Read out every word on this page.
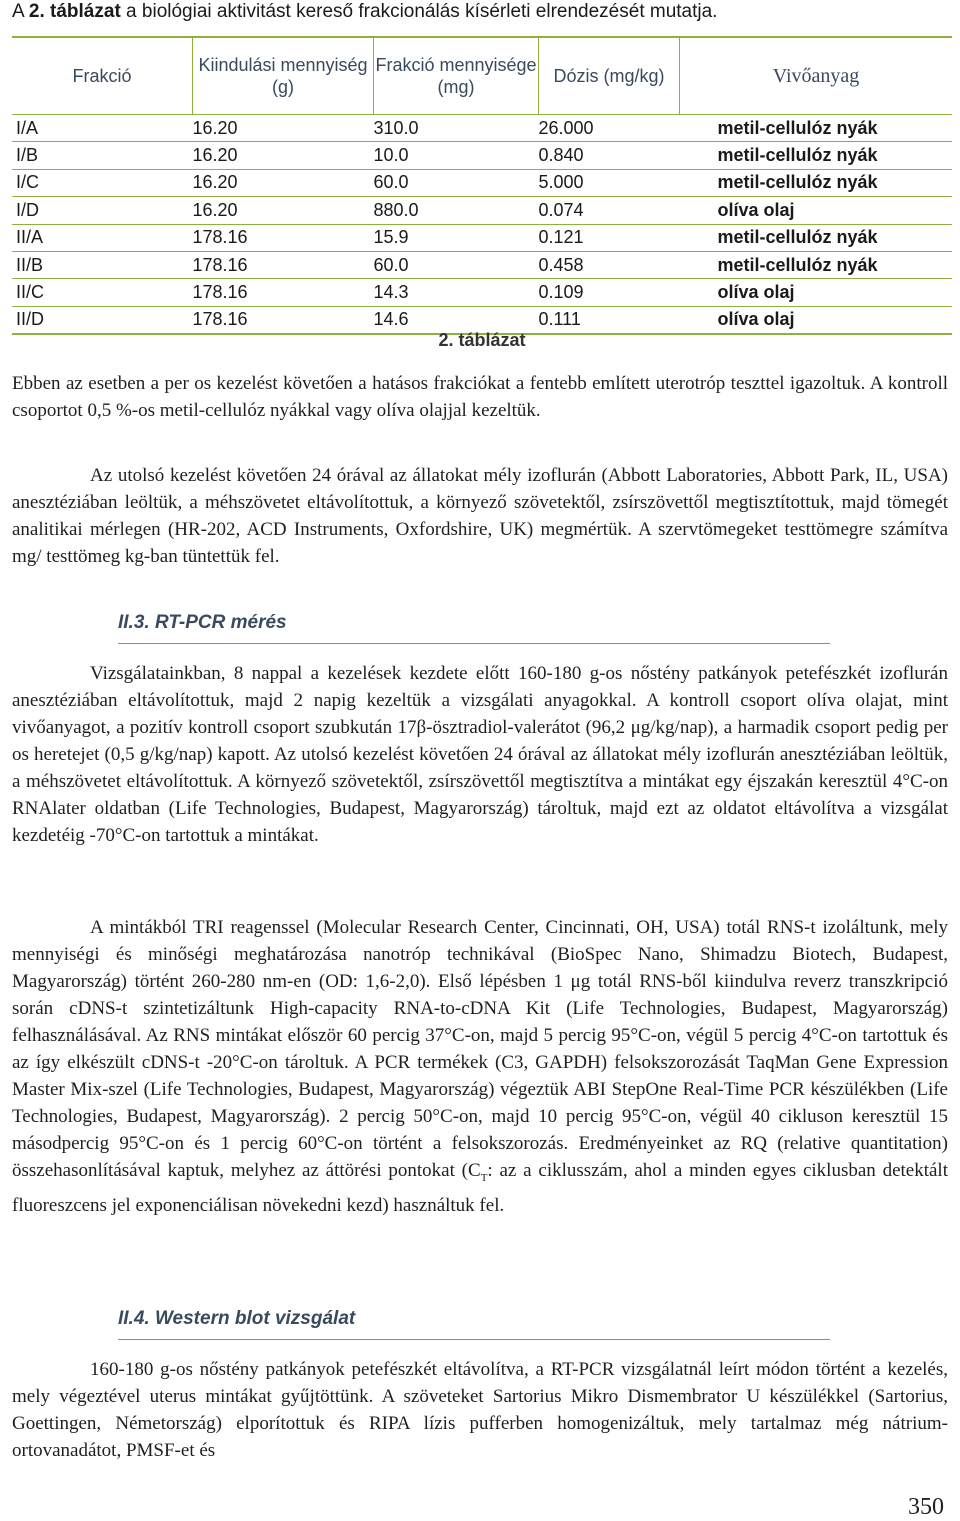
A 2. táblázat a biológiai aktivitást kereső frakcionálás kísérleti elrendezését mutatja.
Frakció	Kiindulási mennyiség (g)	Frakció mennyisége (mg)	Dózis (mg/kg)	Vivőanyag
I/A	16.20	310.0	26.000	metil-cellulóz nyák
I/B	16.20	10.0	0.840	metil-cellulóz nyák
I/C	16.20	60.0	5.000	metil-cellulóz nyák
I/D	16.20	880.0	0.074	olíva olaj
II/A	178.16	15.9	0.121	metil-cellulóz nyák
II/B	178.16	60.0	0.458	metil-cellulóz nyák
II/C	178.16	14.3	0.109	olíva olaj
II/D	178.16	14.6	0.111	olíva olaj
2. táblázat
Ebben az esetben a per os kezelést követően a hatásos frakciókat a fentebb említett uterotróp teszttel igazoltuk. A kontroll csoportot 0,5 %-os metil-cellulóz nyákkal vagy olíva olajjal kezeltük.
Az utolsó kezelést követően 24 órával az állatokat mély izoflurán (Abbott Laboratories, Abbott Park, IL, USA) anesztéziában leöltük, a méhszövetet eltávolítottuk, a környező szövetektől, zsírszövettől megtisztítottuk, majd tömegét analitikai mérlegen (HR-202, ACD Instruments, Oxfordshire, UK) megmértük. A szervtömegeket testtömegre számítva mg/ testtömeg kg-ban tüntettük fel.
II.3. RT-PCR mérés
Vizsgálatainkban, 8 nappal a kezelések kezdete előtt 160-180 g-os nőstény patkányok petefészkét izoflurán anesztéziában eltávolítottuk, majd 2 napig kezeltük a vizsgálati anyagokkal. A kontroll csoport olíva olajat, mint vivőanyagot, a pozitív kontroll csoport szubkután 17β-ösztradiol-valerátot (96,2 μg/kg/nap), a harmadik csoport pedig per os heretejet (0,5 g/kg/nap) kapott. Az utolsó kezelést követően 24 órával az állatokat mély izoflurán anesztéziában leöltük, a méhszövetet eltávolítottuk. A környező szövetektől, zsírszövettől megtisztítva a mintákat egy éjszakán keresztül 4°C-on RNAlater oldatban (Life Technologies, Budapest, Magyarország) tároltuk, majd ezt az oldatot eltávolítva a vizsgálat kezdetéig -70°C-on tartottuk a mintákat.
A mintákból TRI reagenssel (Molecular Research Center, Cincinnati, OH, USA) totál RNS-t izoláltunk, mely mennyiségi és minőségi meghatározása nanotróp technikával (BioSpec Nano, Shimadzu Biotech, Budapest, Magyarország) történt 260-280 nm-en (OD: 1,6-2,0). Első lépésben 1 μg totál RNS-ből kiindulva reverz transzkripció során cDNS-t szintetizáltunk High-capacity RNA-to-cDNA Kit (Life Technologies, Budapest, Magyarország) felhasználásával. Az RNS mintákat először 60 percig 37°C-on, majd 5 percig 95°C-on, végül 5 percig 4°C-on tartottuk és az így elkészült cDNS-t -20°C-on tároltuk. A PCR termékek (C3, GAPDH) felsokszorozását TaqMan Gene Expression Master Mix-szel (Life Technologies, Budapest, Magyarország) végeztük ABI StepOne Real-Time PCR készülékben (Life Technologies, Budapest, Magyarország). 2 percig 50°C-on, majd 10 percig 95°C-on, végül 40 cikluson keresztül 15 másodpercig 95°C-on és 1 percig 60°C-on történt a felsokszorozás. Eredményeinket az RQ (relative quantitation) összehasonlításával kaptuk, melyhez az áttörési pontokat ($C_T$: az a ciklusszám, ahol a minden egyes ciklusban detektált fluoreszcens jel exponenciálisan növekedni kezd) használtuk fel.
II.4. Western blot vizsgálat
160-180 g-os nőstény patkányok petefészkét eltávolítva, a RT-PCR vizsgálatnál leírt módon történt a kezelés, mely végeztével uterus mintákat gyűjtöttünk. A szöveteket Sartorius Mikro Dismembrator U készülékkel (Sartorius, Goettingen, Németország) elporítottuk és RIPA lízis pufferben homogenizáltuk, mely tartalmaz még nátrium-ortovanadátot, PMSF-et és
350
